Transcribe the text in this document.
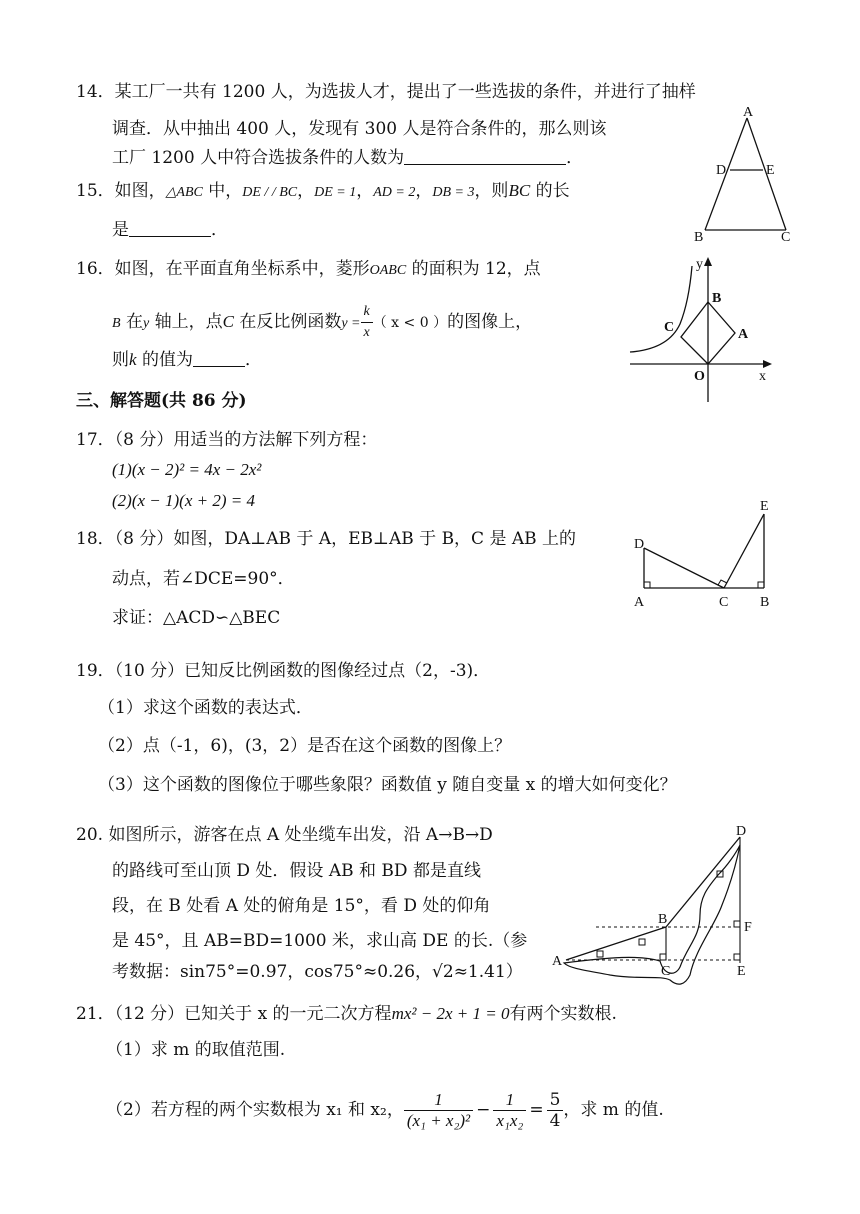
14．某工厂一共有 1200 人，为选拔人才，提出了一些选拔的条件，并进行了抽样
调查．从中抽出 400 人，发现有 300 人是符合条件的，那么则该
工厂 1200 人中符合选拔条件的人数为	．
15．如图，△ABC 中，DE / / BC，DE = 1，AD = 2，DB = 3，则BC 的长
是	．
A
D	E
B	C
16．如图，在平面直角坐标系中，菱形OABC 的面积为 12，点
B 在y 轴上，点C 在反比例函数$y = \frac{k}{x}$ （ x < 0 ）的图像上，
则k 的值为	．
y
B
C	A
O	x
三、解答题(共 86 分)
17．（8 分）用适当的方法解下列方程：
(1)(x − 2)² = 4x − 2x²
(2)(x − 1)(x + 2) = 4
18．（8 分）如图，DA⊥AB 于 A，EB⊥AB 于 B，C 是 AB 上的
动点，若∠DCE=90°．
求证：△ACD∽△BEC
D
E
A	C B
19．（10 分）已知反比例函数的图像经过点（2，-3)．
（1）求这个函数的表达式．
（2）点（-1，6)，(3，2）是否在这个函数的图像上？
（3）这个函数的图像位于哪些象限？函数值 y 随自变量 x 的增大如何变化？
20. 如图所示，游客在点 A 处坐缆车出发，沿 A→B→D
的路线可至山顶 D 处．假设 AB 和 BD 都是直线
段，在 B 处看 A 处的俯角是 15°，看 D 处的仰角
是 45°，且 AB=BD=1000 米，求山高 DE 的长.（参
考数据：sin75°=0.97，cos75°≈0.26，√2≈1.41）
D
B
F
A
C	E
21．（12 分）已知关于 x 的一元二次方程mx² − 2x + 1 = 0有两个实数根.
（1）求 m 的取值范围.
（2）若方程的两个实数根为 x₁ 和 x₂， $\frac{1}{\text{(x₁ + x₂)²}} - \frac{1}{\text{x₁x₂}} = \frac{5}{4}$ ，求 m 的值.
